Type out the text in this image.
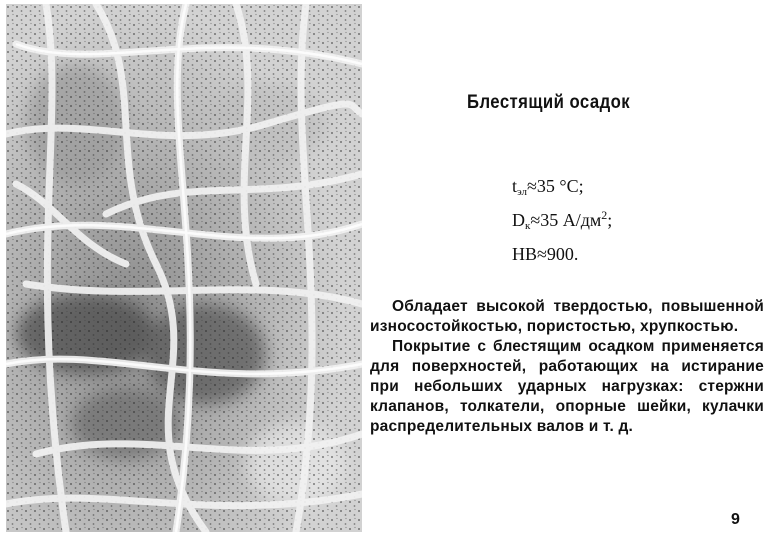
Блестящий осадок
$t_{эл}\approx 35$ °C;
$D_к\approx 35$ $А/дм^2$;
НВ≈900.

Обладает высокой твердостью, повышенной износостойкостью, пористостью, хрупкостью.

Покрытие с блестящим осадком применяется для поверхностей, работающих на истирание при небольших ударных нагрузках: стержни клапанов, толкатели, опорные шейки, кулачки распределительных валов и т. д.

9
